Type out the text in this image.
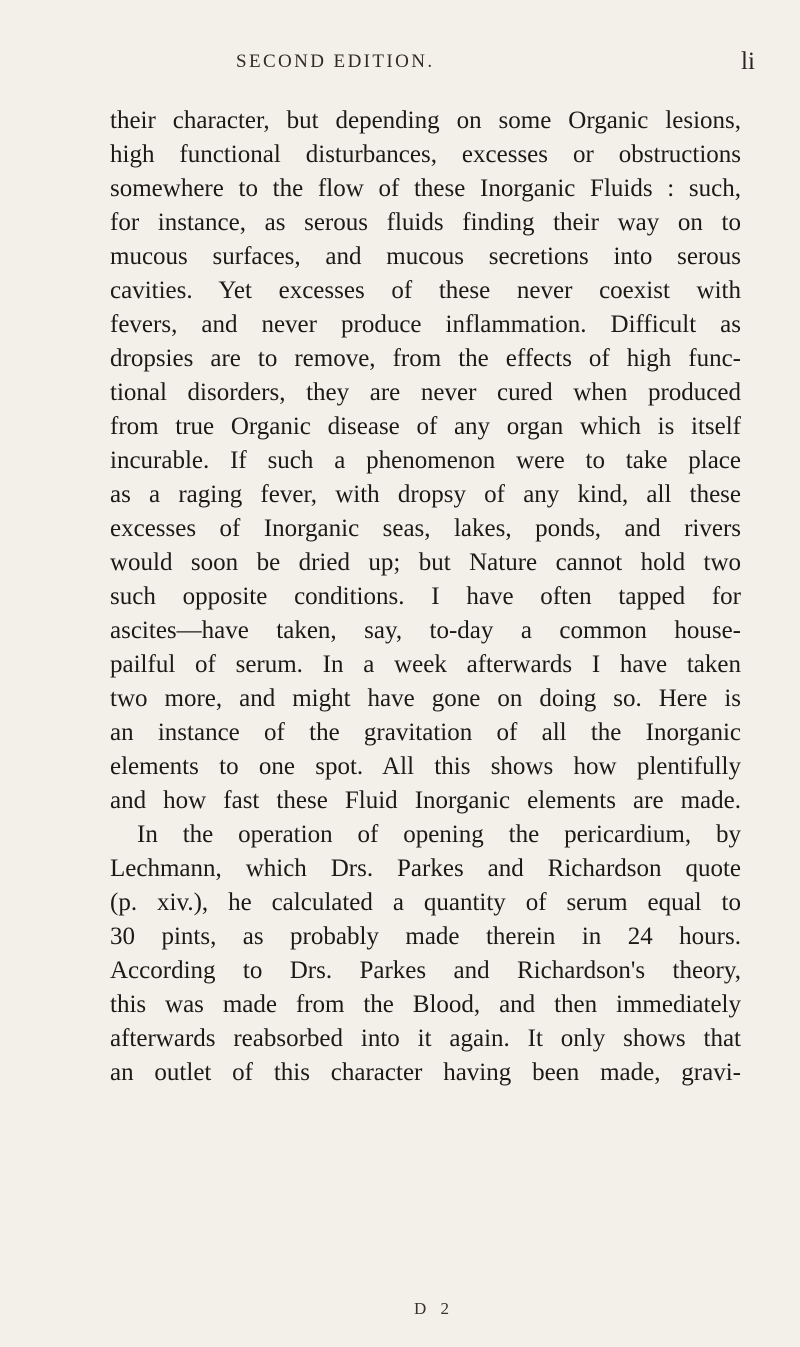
SECOND EDITION.	li

their character, but depending on some Organic lesions,

high functional disturbances, excesses or obstructions

somewhere to the flow of these Inorganic Fluids : such,

for instance, as serous fluids finding their way on to

mucous surfaces, and mucous secretions into serous

cavities. Yet excesses of these never coexist with

fevers, and never produce inflammation. Difficult as

dropsies are to remove, from the effects of high func-

tional disorders, they are never cured when produced

from true Organic disease of any organ which is itself

incurable. If such a phenomenon were to take place

as a raging fever, with dropsy of any kind, all these

excesses of Inorganic seas, lakes, ponds, and rivers

would soon be dried up; but Nature cannot hold two

such opposite conditions. I have often tapped for

ascites—have taken, say, to-day a common house-

pailful of serum. In a week afterwards I have taken

two more, and might have gone on doing so. Here is

an instance of the gravitation of all the Inorganic

elements to one spot. All this shows how plentifully

and how fast these Fluid Inorganic elements are made.

In the operation of opening the pericardium, by

Lechmann, which Drs. Parkes and Richardson quote

(p. xiv.), he calculated a quantity of serum equal to

30 pints, as probably made therein in 24 hours.

According to Drs. Parkes and Richardson's theory,

this was made from the Blood, and then immediately

afterwards reabsorbed into it again. It only shows that

an outlet of this character having been made, gravi-

D 2
